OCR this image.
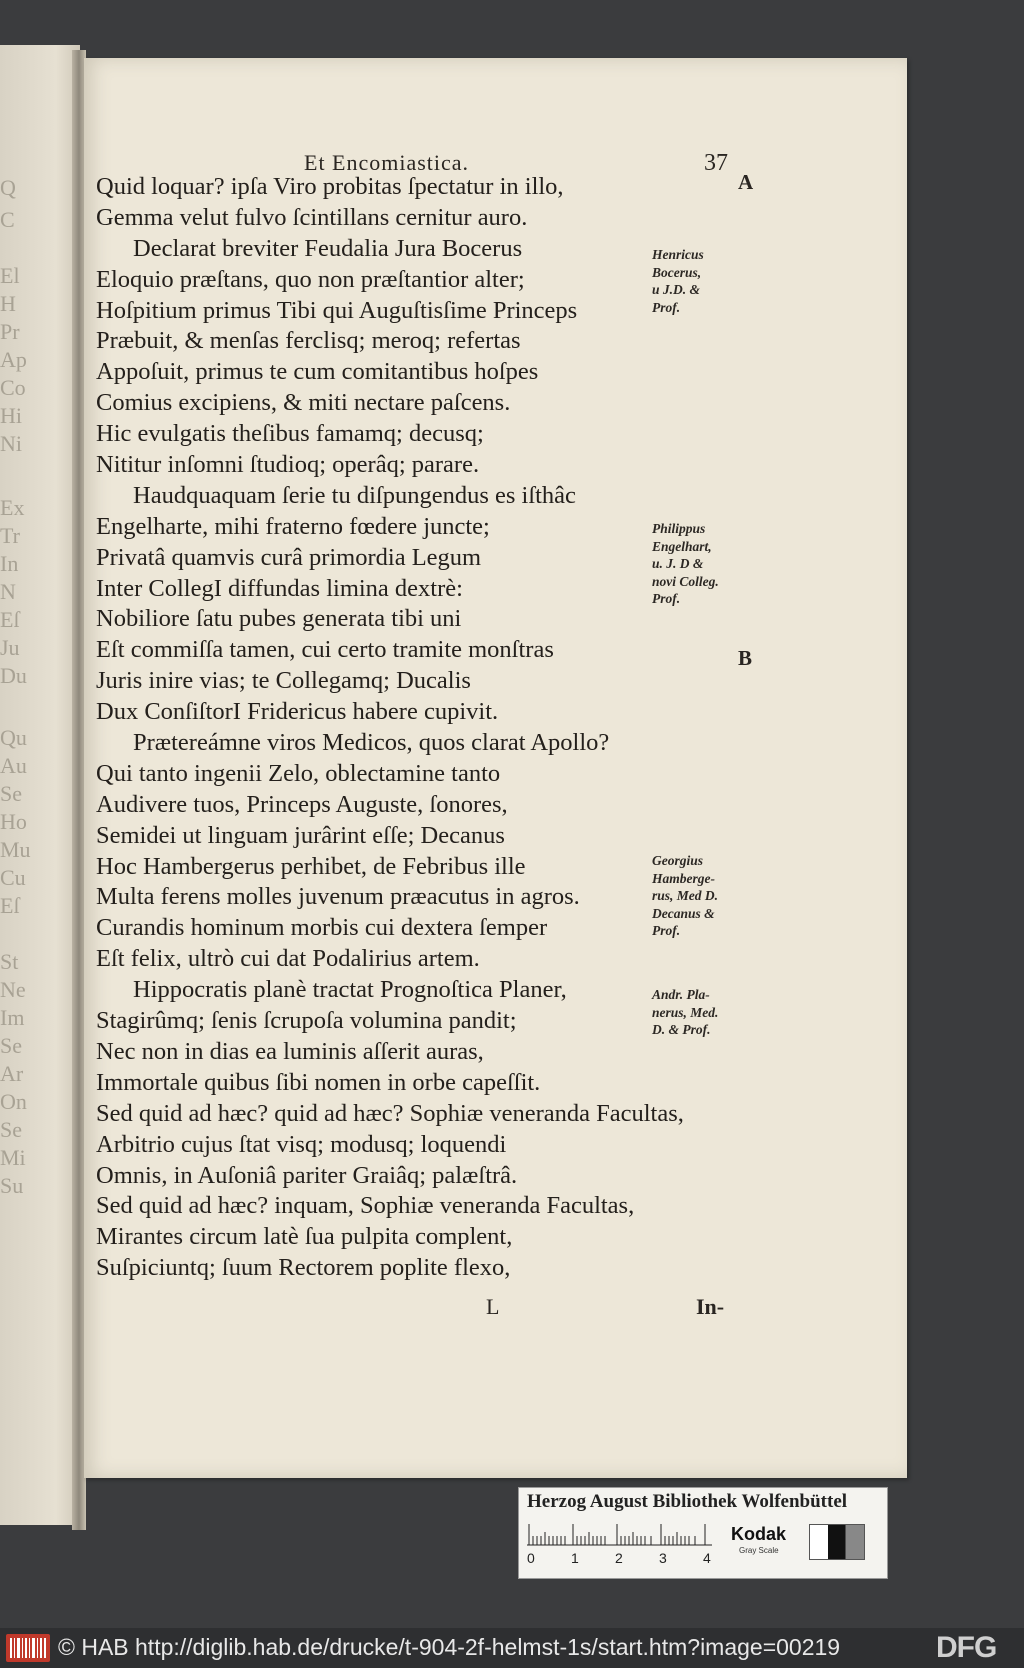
Q
C
El
H
Pr
Ap
Co
Hi
Ni
Ex
Tr
In
N
Eſ
Ju
Du
Qu
Au
Se
Ho
Mu
Cu
Eſ
St
Ne
Im
Se
Ar
On
Se
Mi
Su
Et Encomiastica.	37
A
B
Quid loquar? ipſa Viro probitas ſpectatur in illo,
Gemma velut fulvo ſcintillans cernitur auro.
Declarat breviter Feudalia Jura Bocerus
Eloquio præſtans, quo non præſtantior alter;
Hoſpitium primus Tibi qui Auguſtisſime Princeps
Præbuit, & menſas ferclisq; meroq; refertas
Appoſuit, primus te cum comitantibus hoſpes
Comius excipiens, & miti nectare paſcens.
Hic evulgatis theſibus famamq; decusq;
Nititur inſomni ſtudioq; operâq; parare.
Haudquaquam ſerie tu diſpungendus es iſthâc
Engelharte, mihi fraterno fœdere juncte;
Privatâ quamvis curâ primordia Legum
Inter CollegI diffundas limina dextrè:
Nobiliore ſatu pubes generata tibi uni
Eſt commiſſa tamen, cui certo tramite monſtras
Juris inire vias; te Collegamq; Ducalis
Dux ConſiſtorI Fridericus habere cupivit.
Prætereámne viros Medicos, quos clarat Apollo?
Qui tanto ingenii Zelo, oblectamine tanto
Audivere tuos, Princeps Auguste, ſonores,
Semidei ut linguam jurârint eſſe; Decanus
Hoc Hambergerus perhibet, de Febribus ille
Multa ferens molles juvenum præacutus in agros.
Curandis hominum morbis cui dextera ſemper
Eſt felix, ultrò cui dat Podalirius artem.
Hippocratis planè tractat Prognoſtica Planer,
Stagirûmq; ſenis ſcrupoſa volumina pandit;
Nec non in dias ea luminis aſſerit auras,
Immortale quibus ſibi nomen in orbe capeſſit.
Sed quid ad hæc? quid ad hæc? Sophiæ veneranda Facultas,
Arbitrio cujus ſtat visq; modusq; loquendi
Omnis, in Auſoniâ pariter Graiâq; palæſtrâ.
Sed quid ad hæc? inquam, Sophiæ veneranda Facultas,
Mirantes circum latè ſua pulpita complent,
Suſpiciuntq; ſuum Rectorem poplite flexo,
Henricus
Bocerus,
u J.D. &
Prof.
Philippus
Engelhart,
u. J. D &
novi Colleg.
Prof.
Georgius
Hamberge-
rus, Med D.
Decanus &
Prof.
Andr. Pla-
nerus, Med.
D. & Prof.
L	In-
Herzog August Bibliothek Wolfenbüttel
0	1	2	3	4
Kodak
Gray Scale
© HAB http://diglib.hab.de/drucke/t-904-2f-helmst-1s/start.htm?image=00219	DFG
